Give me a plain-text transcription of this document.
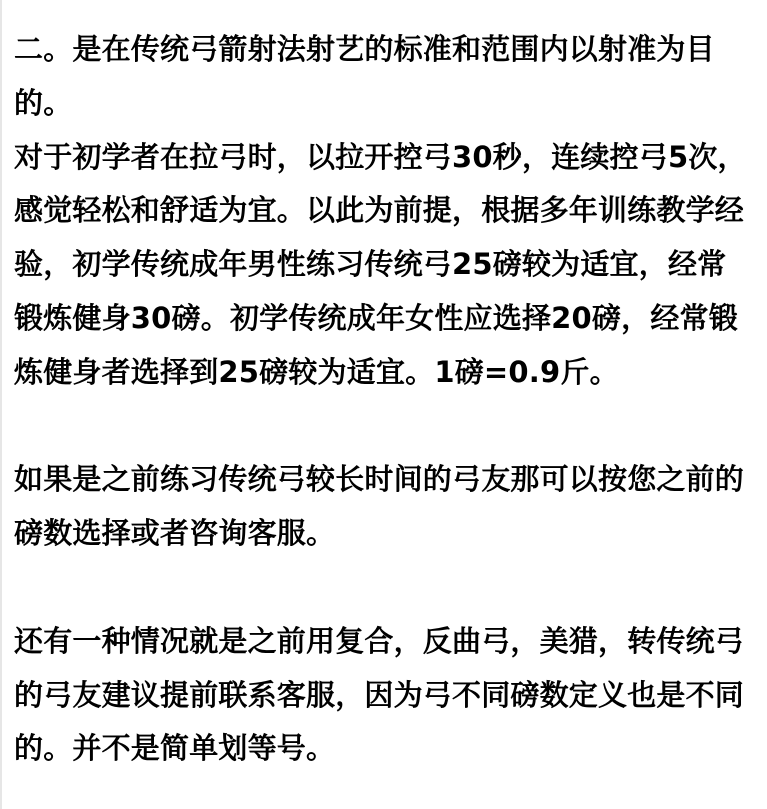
二。是在传统弓箭射法射艺的标准和范围内以射准为目
的。
对于初学者在拉弓时，以拉开控弓30秒，连续控弓5次，
感觉轻松和舒适为宜。以此为前提，根据多年训练教学经
验，初学传统成年男性练习传统弓25磅较为适宜，经常
锻炼健身30磅。初学传统成年女性应选择20磅，经常锻
炼健身者选择到25磅较为适宜。1磅=0.9斤。
如果是之前练习传统弓较长时间的弓友那可以按您之前的
磅数选择或者咨询客服。
还有一种情况就是之前用复合，反曲弓，美猎，转传统弓
的弓友建议提前联系客服，因为弓不同磅数定义也是不同
的。并不是简单划等号。
